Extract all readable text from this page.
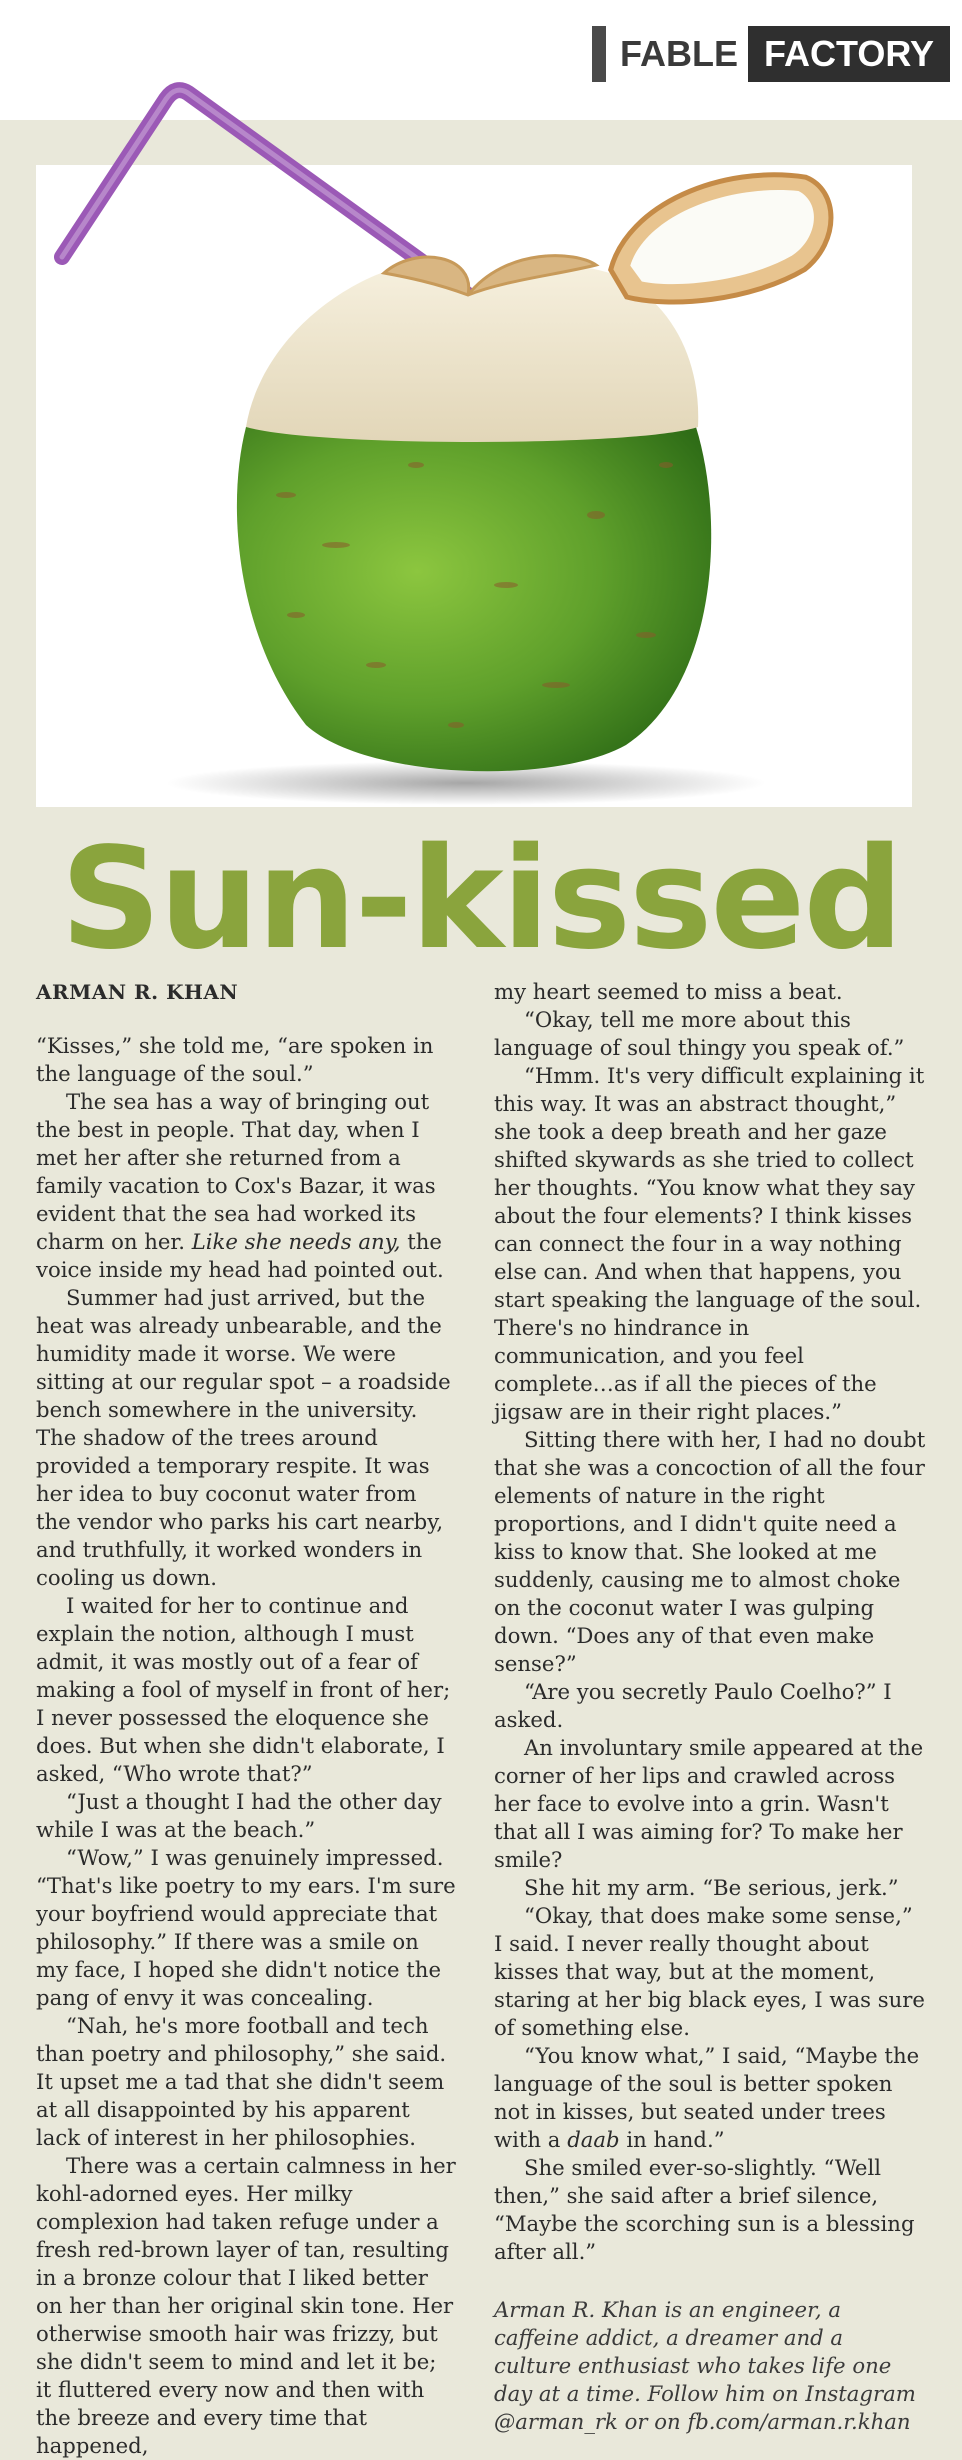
FABLE FACTORY
Sun-kissed
ARMAN R. KHAN

“Kisses,” she told me, “are spoken in the language of the soul.”

The sea has a way of bringing out the best in people. That day, when I met her after she returned from a family vacation to Cox's Bazar, it was evident that the sea had worked its charm on her. Like she needs any, the voice inside my head had pointed out.

Summer had just arrived, but the heat was already unbearable, and the humidity made it worse. We were sitting at our regular spot – a roadside bench somewhere in the university. The shadow of the trees around provided a temporary respite. It was her idea to buy coconut water from the vendor who parks his cart nearby, and truthfully, it worked wonders in cooling us down.

I waited for her to continue and explain the notion, although I must admit, it was mostly out of a fear of making a fool of myself in front of her; I never possessed the eloquence she does. But when she didn't elaborate, I asked, “Who wrote that?”

“Just a thought I had the other day while I was at the beach.”

“Wow,” I was genuinely impressed. “That's like poetry to my ears. I'm sure your boyfriend would appreciate that philosophy.” If there was a smile on my face, I hoped she didn't notice the pang of envy it was concealing.

“Nah, he's more football and tech than poetry and philosophy,” she said. It upset me a tad that she didn't seem at all disappointed by his apparent lack of interest in her philosophies.

There was a certain calmness in her kohl-adorned eyes. Her milky complexion had taken refuge under a fresh red-brown layer of tan, resulting in a bronze colour that I liked better on her than her original skin tone. Her otherwise smooth hair was frizzy, but she didn't seem to mind and let it be; it fluttered every now and then with the breeze and every time that happened,

my heart seemed to miss a beat.

“Okay, tell me more about this language of soul thingy you speak of.”

“Hmm. It's very difficult explaining it this way. It was an abstract thought,” she took a deep breath and her gaze shifted skywards as she tried to collect her thoughts. “You know what they say about the four elements? I think kisses can connect the four in a way nothing else can. And when that happens, you start speaking the language of the soul. There's no hindrance in communication, and you feel complete…as if all the pieces of the jigsaw are in their right places.”

Sitting there with her, I had no doubt that she was a concoction of all the four elements of nature in the right proportions, and I didn't quite need a kiss to know that. She looked at me suddenly, causing me to almost choke on the coconut water I was gulping down. “Does any of that even make sense?”

“Are you secretly Paulo Coelho?” I asked.

An involuntary smile appeared at the corner of her lips and crawled across her face to evolve into a grin. Wasn't that all I was aiming for? To make her smile?

She hit my arm. “Be serious, jerk.”

“Okay, that does make some sense,” I said. I never really thought about kisses that way, but at the moment, staring at her big black eyes, I was sure of something else.

“You know what,” I said, “Maybe the language of the soul is better spoken not in kisses, but seated under trees with a daab in hand.”

She smiled ever-so-slightly. “Well then,” she said after a brief silence, “Maybe the scorching sun is a blessing after all.”

Arman R. Khan is an engineer, a caffeine addict, a dreamer and a culture enthusiast who takes life one day at a time. Follow him on Instagram @arman_rk or on fb.com/arman.r.khan
